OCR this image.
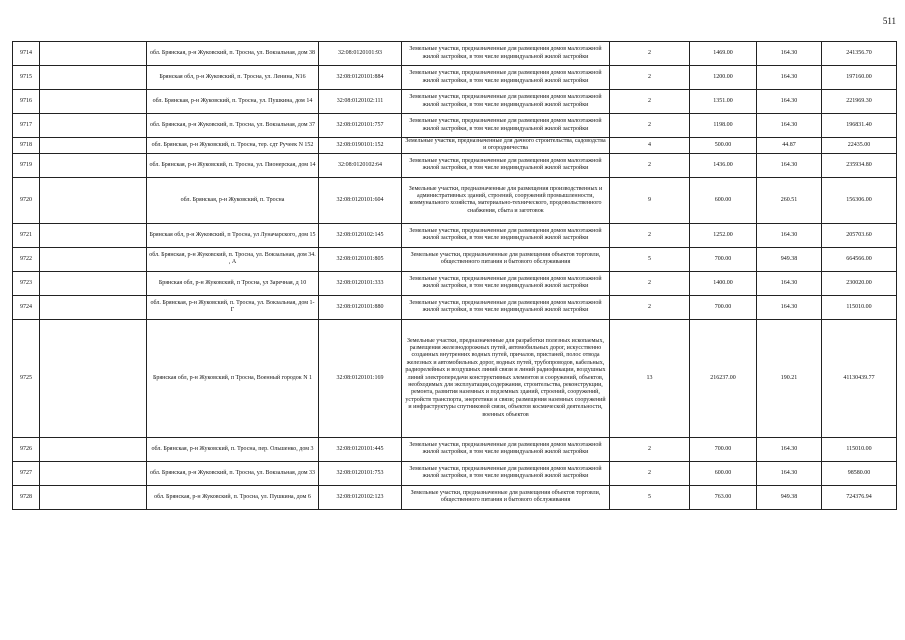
511
9714		обл. Брянская, р-н Жуковский, п. Тросна, ул. Вокзальная, дом 38	32:08:0120101:93	Земельные участки, предназначенные для размещения домов малоэтажной жилой застройки, в том числе индивидуальной жилой застройки	2	1469.00	164.30	241356.70
9715		Брянская обл, р-н Жуковский, п. Тросна, ул. Ленина, N16	32:08:0120101:884	Земельные участки, предназначенные для размещения домов малоэтажной жилой застройки, в том числе индивидуальной жилой застройки	2	1200.00	164.30	197160.00
9716		обл. Брянская, р-н Жуковский, п. Тросна, ул. Пушкина, дом 14	32:08:0120102:111	Земельные участки, предназначенные для размещения домов малоэтажной жилой застройки, в том числе индивидуальной жилой застройки	2	1351.00	164.30	221969.30
9717		обл. Брянская, р-н Жуковский, п. Тросна, ул. Вокзальная, дом 37	32:08:0120101:757	Земельные участки, предназначенные для размещения домов малоэтажной жилой застройки, в том числе индивидуальной жилой застройки	2	1198.00	164.30	196831.40
9718		обл. Брянская, р-н Жуковский, п. Тросна, тер. сдт Ручеек N 152	32:08:0190101:152	Земельные участки, предназначенные для дачного строительства, садоводства и огородничества	4	500.00	44.87	22435.00
9719		обл. Брянская, р-н Жуковский, п. Тросна, ул. Пионерская, дом 14	32:08:0120102:64	Земельные участки, предназначенные для размещения домов малоэтажной жилой застройки, в том числе индивидуальной жилой застройки	2	1436.00	164.30	235934.80
9720		обл. Брянская, р-н Жуковский, п. Тросна	32:08:0120101:604	Земельные участки, предназначенные для размещения производственных и административных зданий, строений, сооружений промышленности, коммунального хозяйства, материально-технического, продовольственного снабжения, сбыта и заготовок	9	600.00	260.51	156306.00
9721		Брянская обл, р-н Жуковский, п Тросна, ул Луначарского, дом 15	32:08:0120102:145	Земельные участки, предназначенные для размещения домов малоэтажной жилой застройки, в том числе индивидуальной жилой застройки	2	1252.00	164.30	205703.60
9722		обл. Брянская, р-н Жуковский, п. Тросна, ул. Вокзальная, дом 34. , А	32:08:0120101:805	Земельные участки, предназначенные для размещения объектов торговли, общественного питания и бытового обслуживания	5	700.00	949.38	664566.00
9723		Брянская обл, р-н Жуковский, п Тросна, ул Заречная, д 10	32:08:0120101:333	Земельные участки, предназначенные для размещения домов малоэтажной жилой застройки, в том числе индивидуальной жилой застройки	2	1400.00	164.30	230020.00
9724		обл. Брянская, р-н Жуковский, п. Тросна, ул. Вокзальная, дом 1-Г	32:08:0120101:880	Земельные участки, предназначенные для размещения домов малоэтажной жилой застройки, в том числе индивидуальной жилой застройки	2	700.00	164.30	115010.00
9725		Брянская обл, р-н Жуковский, п Тросна, Военный городок N 1	32:08:0120101:169	Земельные участки, предназначенные для разработки полезных ископаемых, размещения железнодорожных путей, автомобильных дорог, искусственно созданных внутренних водных путей, причалов, пристаней, полос отвода железных и автомобильных дорог, водных путей, трубопроводов, кабельных, радиорелейных и воздушных линий связи и линий радиофикации, воздушных линий электропередачи конструктивных элементов и сооружений, объектов, необходимых для эксплуатации,содержания, строительства, реконструкции, ремонта, развития наземных и подземных зданий, строений, сооружений, устройств транспорта, энергетики и связи; размещения наземных сооружений и инфраструктуры спутниковой связи, объектов космической деятельности, военных объектов	13	216237.00	190.21	41130439.77
9726		обл. Брянская, р-н Жуковский, п. Тросна, пер. Ольшенко, дом 3	32:08:0120101:445	Земельные участки, предназначенные для размещения домов малоэтажной жилой застройки, в том числе индивидуальной жилой застройки	2	700.00	164.30	115010.00
9727		обл. Брянская, р-н Жуковский, п. Тросна, ул. Вокзальная, дом 33	32:08:0120101:753	Земельные участки, предназначенные для размещения домов малоэтажной жилой застройки, в том числе индивидуальной жилой застройки	2	600.00	164.30	98580.00
9728		обл. Брянская, р-н Жуковский, п. Тросна, ул. Пушкина, дом 6	32:08:0120102:123	Земельные участки, предназначенные для размещения объектов торговли, общественного питания и бытового обслуживания	5	763.00	949.38	724376.94
